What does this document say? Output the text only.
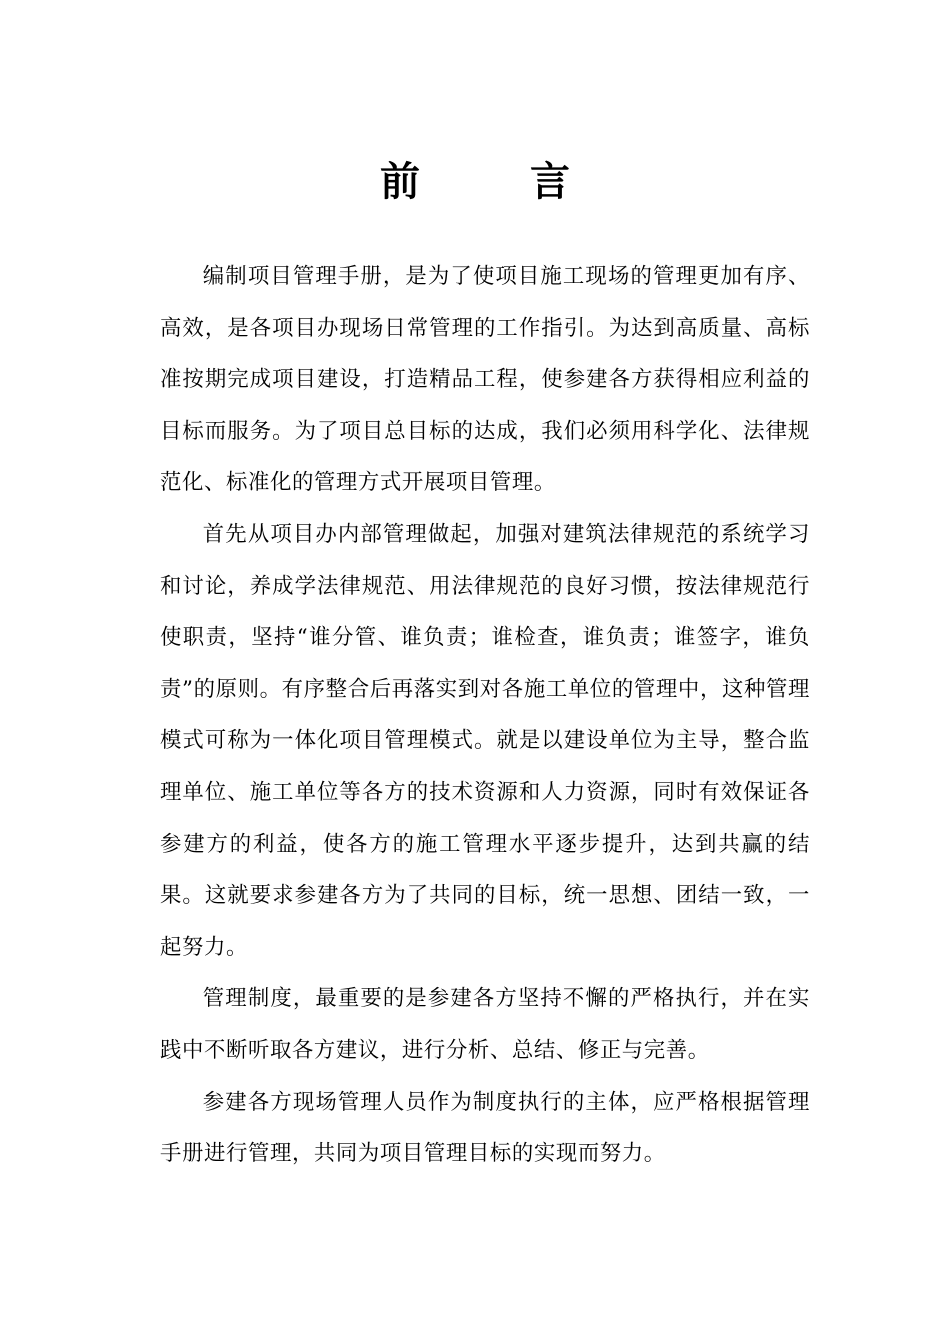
前 言

编制项目管理手册，是为了使项目施工现场的管理更加有序、高效，是各项目办现场日常管理的工作指引。为达到高质量、高标准按期完成项目建设，打造精品工程，使参建各方获得相应利益的目标而服务。为了项目总目标的达成，我们必须用科学化、法律规范化、标准化的管理方式开展项目管理。

首先从项目办内部管理做起，加强对建筑法律规范的系统学习和讨论，养成学法律规范、用法律规范的良好习惯，按法律规范行使职责，坚持“谁分管、谁负责；谁检查，谁负责；谁签字，谁负责”的原则。有序整合后再落实到对各施工单位的管理中，这种管理模式可称为一体化项目管理模式。就是以建设单位为主导，整合监理单位、施工单位等各方的技术资源和人力资源，同时有效保证各参建方的利益，使各方的施工管理水平逐步提升，达到共赢的结果。这就要求参建各方为了共同的目标，统一思想、团结一致，一起努力。

管理制度，最重要的是参建各方坚持不懈的严格执行，并在实践中不断听取各方建议，进行分析、总结、修正与完善。

参建各方现场管理人员作为制度执行的主体，应严格根据管理手册进行管理，共同为项目管理目标的实现而努力。
